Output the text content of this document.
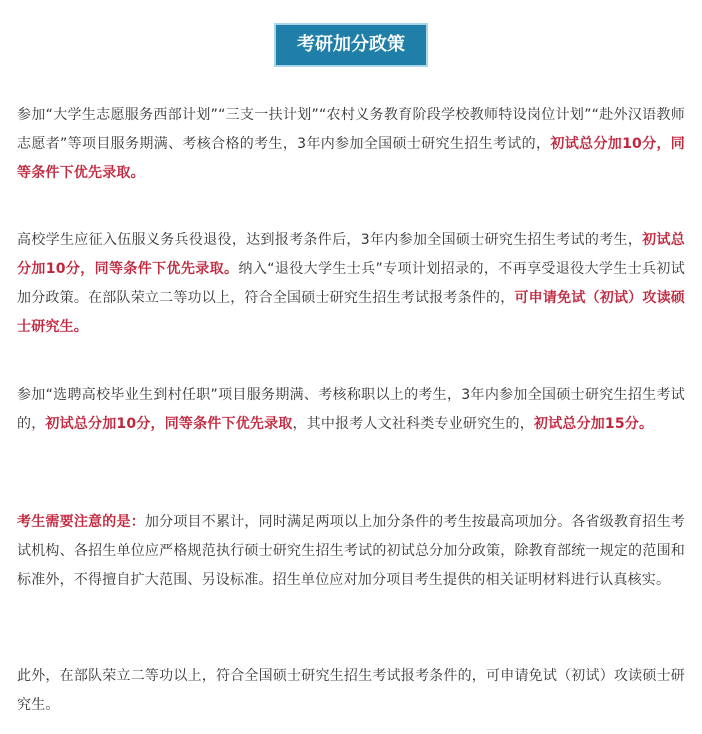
考研加分政策

参加“大学生志愿服务西部计划”“三支一扶计划”“农村义务教育阶段学校教师特设岗位计划”“赴外汉语教师志愿者”等项目服务期满、考核合格的考生，3年内参加全国硕士研究生招生考试的，初试总分加10分，同等条件下优先录取。

高校学生应征入伍服义务兵役退役，达到报考条件后，3年内参加全国硕士研究生招生考试的考生，初试总分加10分，同等条件下优先录取。纳入“退役大学生士兵”专项计划招录的，不再享受退役大学生士兵初试加分政策。在部队荣立二等功以上，符合全国硕士研究生招生考试报考条件的，可申请免试（初试）攻读硕士研究生。

参加“选聘高校毕业生到村任职”项目服务期满、考核称职以上的考生，3年内参加全国硕士研究生招生考试的，初试总分加10分，同等条件下优先录取，其中报考人文社科类专业研究生的，初试总分加15分。

考生需要注意的是：加分项目不累计，同时满足两项以上加分条件的考生按最高项加分。各省级教育招生考试机构、各招生单位应严格规范执行硕士研究生招生考试的初试总分加分政策，除教育部统一规定的范围和标准外，不得擅自扩大范围、另设标准。招生单位应对加分项目考生提供的相关证明材料进行认真核实。

此外，在部队荣立二等功以上，符合全国硕士研究生招生考试报考条件的，可申请免试（初试）攻读硕士研究生。
